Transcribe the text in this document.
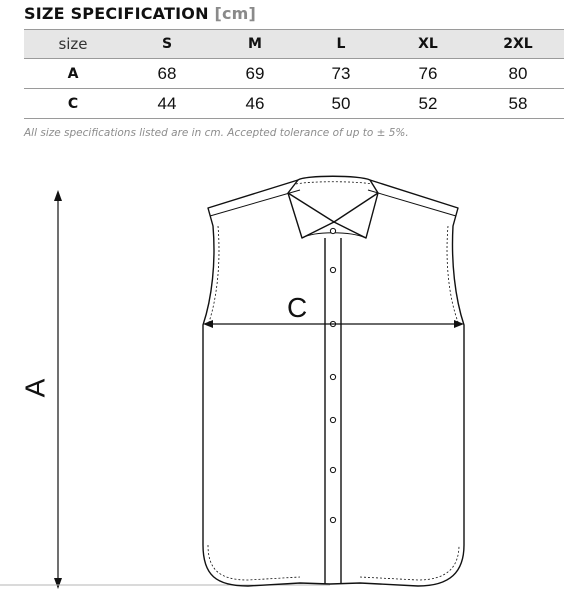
SIZE SPECIFICATION [cm]
size	S	M	L	XL	2XL
A	68	69	73	76	80
C	44	46	50	52	58
All size specifications listed are in cm. Accepted tolerance of up to ± 5%.
A
C
